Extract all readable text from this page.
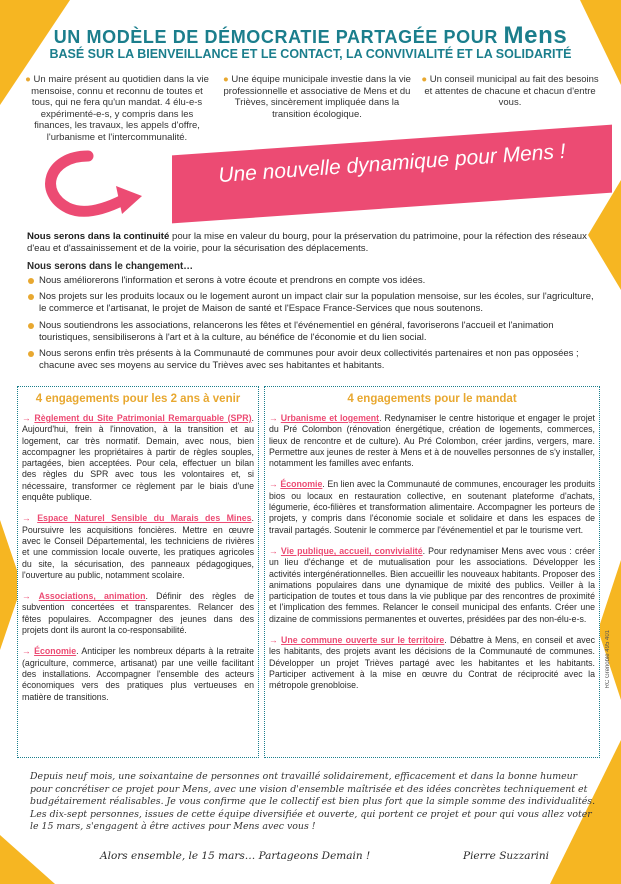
UN MODÈLE DE DÉMOCRATIE PARTAGÉE POUR Mens
BASÉ SUR LA BIENVEILLANCE ET LE CONTACT, LA CONVIVIALITÉ ET LA SOLIDARITÉ
● Un maire présent au quotidien dans la vie mensoise, connu et reconnu de toutes et tous, qui ne fera qu'un mandat. 4 élu-e-s expérimenté-e-s, y compris dans les finances, les travaux, les appels d'offre, l'urbanisme et l'intercommunalité.
● Une équipe municipale investie dans la vie professionnelle et associative de Mens et du Trièves, sincèrement impliquée dans la transition écologique.
● Un conseil municipal au fait des besoins et attentes de chacune et chacun d'entre vous.
Une nouvelle dynamique pour Mens !
Nous serons dans la continuité pour la mise en valeur du bourg, pour la préservation du patrimoine, pour la réfection des réseaux d'eau et d'assainissement et de la voirie, pour la sécurisation des déplacements.
Nous serons dans le changement…
Nous améliorerons l'information et serons à votre écoute et prendrons en compte vos idées.
Nos projets sur les produits locaux ou le logement auront un impact clair sur la population mensoise, sur les écoles, sur l'agriculture, le commerce et l'artisanat, le projet de Maison de santé et l'Espace France-Services que nous soutenons.
Nous soutiendrons les associations, relancerons les fêtes et l'événementiel en général, favoriserons l'accueil et l'animation touristiques, sensibiliserons à l'art et à la culture, au bénéfice de l'économie et du lien social.
Nous serons enfin très présents à la Communauté de communes pour avoir deux collectivités partenaires et non pas opposées ; chacune avec ses moyens au service du Trièves avec ses habitantes et habitants.
4 engagements pour les 2 ans à venir
→ Règlement du Site Patrimonial Remarquable (SPR). Aujourd'hui, frein à l'innovation, à la transition et au logement, car très normatif. Demain, avec nous, bien accompagner les propriétaires à partir de règles souples, partagées, bien acceptées. Pour cela, effectuer un bilan des règles du SPR avec tous les volontaires et, si nécessaire, transformer ce règlement par le biais d'une enquête publique.
→ Espace Naturel Sensible du Marais des Mines. Poursuivre les acquisitions foncières. Mettre en œuvre avec le Conseil Départemental, les techniciens de rivières et une commission locale ouverte, les pratiques agricoles du site, la sécurisation, des panneaux pédagogiques, l'ouverture au public, notamment scolaire.
→ Associations, animation. Définir des règles de subvention concertées et transparentes. Relancer des fêtes populaires. Accompagner des jeunes dans des projets dont ils auront la co-responsabilité.
→ Économie. Anticiper les nombreux départs à la retraite (agriculture, commerce, artisanat) par une veille facilitant des installations. Accompagner l'ensemble des acteurs économiques vers des pratiques plus vertueuses en matière de transitions.
4 engagements pour le mandat
→ Urbanisme et logement. Redynamiser le centre historique et engager le projet du Pré Colombon (rénovation énergétique, création de logements, commerces, lieux de rencontre et de culture). Au Pré Colombon, créer jardins, vergers, mare. Permettre aux jeunes de rester à Mens et à de nouvelles personnes de s'y installer, notamment les familles avec enfants.
→ Économie. En lien avec la Communauté de communes, encourager les produits bios ou locaux en restauration collective, en soutenant plateforme d'achats, légumerie, éco-filières et transformation alimentaire. Accompagner les porteurs de projets, y compris dans l'économie sociale et solidaire et dans les espaces de travail partagés. Soutenir le commerce par l'événementiel et par le tourisme vert.
→ Vie publique, accueil, convivialité. Pour redynamiser Mens avec vous : créer un lieu d'échange et de mutualisation pour les associations. Développer les activités intergénérationnelles. Bien accueillir les nouveaux habitants. Proposer des animations populaires dans une dynamique de mixité des publics. Veiller à la participation de toutes et tous dans la vie publique par des rencontres de proximité et l'implication des femmes. Relancer le conseil municipal des enfants. Créer une dizaine de commissions permanentes et ouvertes, présidées par des non-élu-e-s.
→ Une commune ouverte sur le territoire. Débattre à Mens, en conseil et avec les habitants, des projets avant les décisions de la Communauté de communes. Développer un projet Trièves partagé avec les habitantes et les habitants. Participer activement à la mise en œuvre du Contrat de réciprocité avec la métropole grenobloise.	RC Grenoble 495 401
Depuis neuf mois, une soixantaine de personnes ont travaillé solidairement, efficacement et dans la bonne humeur pour concrétiser ce projet pour Mens, avec une vision d'ensemble maîtrisée et des idées concrètes techniquement et budgétairement réalisables. Je vous confirme que le collectif est bien plus fort que la simple somme des individualités. Les dix-sept personnes, issues de cette équipe diversifiée et ouverte, qui portent ce projet et pour qui vous allez voter le 15 mars, s'engagent à être actives pour Mens avec vous !
Alors ensemble, le 15 mars… Partageons Demain !	Pierre Suzzarini
